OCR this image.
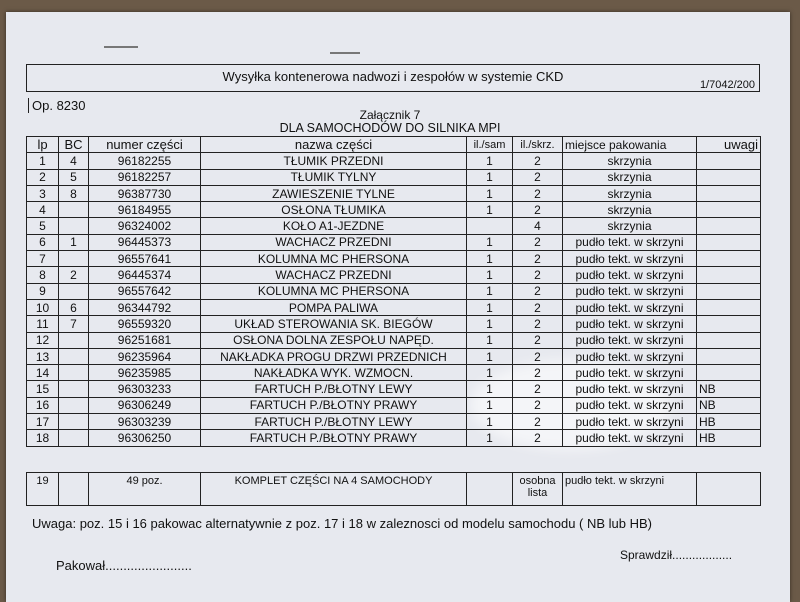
Wysyłka kontenerowa nadwozi i zespołów w systemie CKD
1/7042/200
Op. 8230
Załącznik 7
DLA SAMOCHODÓW DO SILNIKA MPI
lp	BC	numer części	nazwa części	il./sam	il./skrz.	miejsce pakowania	uwagi
1	4	96182255	TŁUMIK PRZEDNI	1	2	skrzynia	
2	5	96182257	TŁUMIK TYLNY	1	2	skrzynia	
3	8	96387730	ZAWIESZENIE TYLNE	1	2	skrzynia	
4		96184955	OSŁONA TŁUMIKA	1	2	skrzynia	
5		96324002	KOŁO A1-JEZDNE		4	skrzynia	
6	1	96445373	WACHACZ PRZEDNI	1	2	pudło tekt. w skrzyni	
7		96557641	KOLUMNA MC PHERSONA	1	2	pudło tekt. w skrzyni	
8	2	96445374	WACHACZ PRZEDNI	1	2	pudło tekt. w skrzyni	
9		96557642	KOLUMNA MC PHERSONA	1	2	pudło tekt. w skrzyni	
10	6	96344792	POMPA PALIWA	1	2	pudło tekt. w skrzyni	
11	7	96559320	UKŁAD STEROWANIA SK. BIEGÓW	1	2	pudło tekt. w skrzyni	
12		96251681	OSŁONA DOLNA ZESPOŁU NAPĘD.	1	2	pudło tekt. w skrzyni	
13		96235964	NAKŁADKA PROGU DRZWI PRZEDNICH	1	2	pudło tekt. w skrzyni	
14		96235985	NAKŁADKA WYK. WZMOCN.	1	2	pudło tekt. w skrzyni	
15		96303233	FARTUCH P./BŁOTNY LEWY	1	2	pudło tekt. w skrzyni	NB
16		96306249	FARTUCH P./BŁOTNY PRAWY	1	2	pudło tekt. w skrzyni	NB
17		96303239	FARTUCH P./BŁOTNY LEWY	1	2	pudło tekt. w skrzyni	HB
18		96306250	FARTUCH P./BŁOTNY PRAWY	1	2	pudło tekt. w skrzyni	HB
19		49 poz.	KOMPLET CZĘŚCI NA 4 SAMOCHODY		osobna lista	pudło tekt. w skrzyni	
Uwaga: poz. 15 i 16 pakowac alternatywnie z poz. 17 i 18 w zaleznosci od modelu samochodu ( NB lub HB)
Pakował........................
Sprawdził..................
